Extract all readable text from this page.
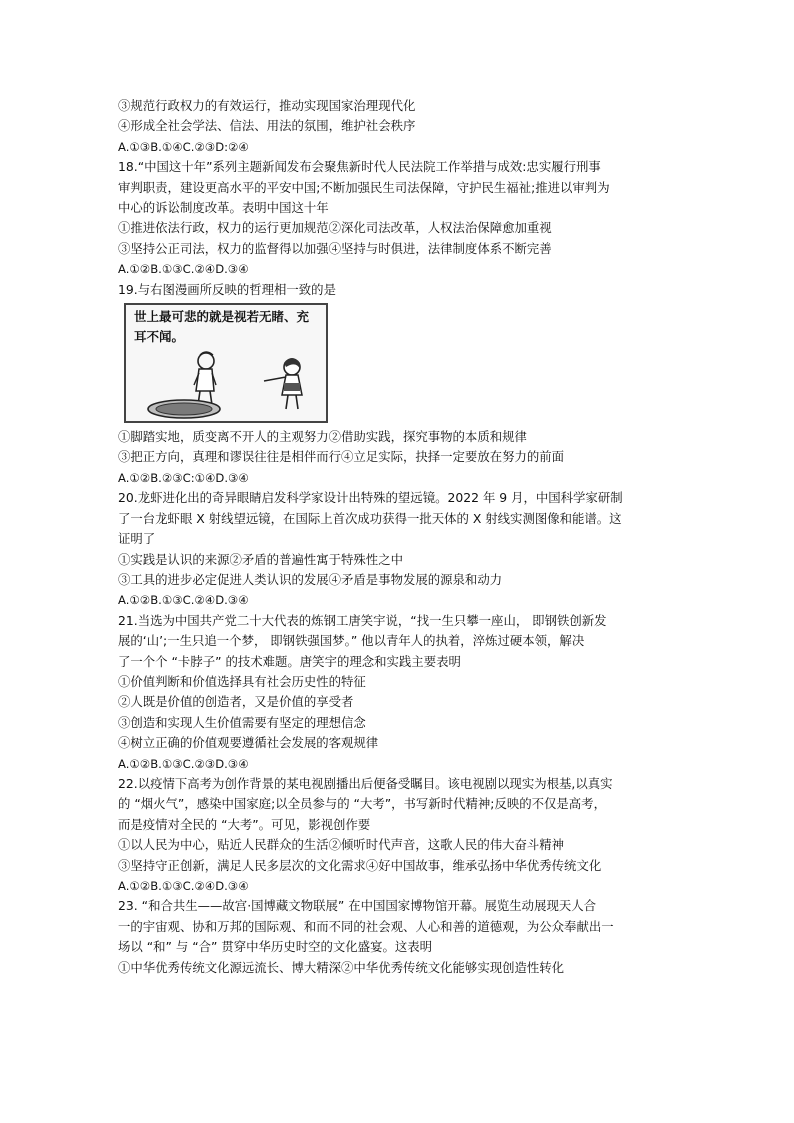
③规范行政权力的有效运行，推动实现国家治理现代化
④形成全社会学法、信法、用法的氛围，维护社会秩序
A.①③B.①④C.②③D:②④
18.“中国这十年”系列主题新闻发布会聚焦新时代人民法院工作举措与成效:忠实履行刑事
审判职责，建设更高水平的平安中国;不断加强民生司法保障，守护民生福祉;推进以审判为
中心的诉讼制度改革。表明中国这十年
①推进依法行政，权力的运行更加规范②深化司法改革，人权法治保障愈加重视
③坚持公正司法，权力的监督得以加强④坚持与时俱进，法律制度体系不断完善
A.①②B.①③C.②④D.③④
19.与右图漫画所反映的哲理相一致的是
世上最可悲的就是视若无睹、充耳不闻。
①脚踏实地，质变离不开人的主观努力②借助实践，探究事物的本质和规律
③把正方向，真理和谬误往往是相伴而行④立足实际，抉择一定要放在努力的前面
A.①②B.②③C:①④D.③④
20.龙虾进化出的奇异眼睛启发科学家设计出特殊的望远镜。2022 年 9 月，中国科学家研制
了一台龙虾眼 X 射线望远镜，在国际上首次成功获得一批天体的 X 射线实测图像和能谱。这
证明了
①实践是认识的来源②矛盾的普遍性寓于特殊性之中
③工具的进步必定促进人类认识的发展④矛盾是事物发展的源泉和动力
A.①②B.①③C.②④D.③④
21.当选为中国共产党二十大代表的炼钢工唐笑宇说，“找一生只攀一座山， 即钢铁创新发
展的‘山’;一生只追一个梦， 即钢铁强国梦。” 他以青年人的执着，淬炼过硬本领，解决
了一个个 “卡脖子” 的技术难题。唐笑宇的理念和实践主要表明
①价值判断和价值选择具有社会历史性的特征
②人既是价值的创造者，又是价值的享受者
③创造和实现人生价值需要有坚定的理想信念
④树立正确的价值观要遵循社会发展的客观规律
A.①②B.①③C.②③D.③④
22.以疫情下高考为创作背景的某电视剧播出后便备受瞩目。该电视剧以现实为根基,以真实
的 “烟火气”，感染中国家庭;以全员参与的 “大考”，书写新时代精神;反映的不仅是高考，
而是疫情对全民的 “大考”。可见，影视创作要
①以人民为中心，贴近人民群众的生活②倾听时代声音，这歌人民的伟大奋斗精神
③坚持守正创新，满足人民多层次的文化需求④好中国故事，维承弘扬中华优秀传统文化
A.①②B.①③C.②④D.③④
23. “和合共生——故宫·国博藏文物联展” 在中国国家博物馆开幕。展览生动展现天人合
一的宇宙观、协和万邦的国际观、和而不同的社会观、人心和善的道德观，为公众奉献出一
场以 “和” 与 “合” 贯穿中华历史时空的文化盛宴。这表明
①中华优秀传统文化源远流长、博大精深②中华优秀传统文化能够实现创造性转化
